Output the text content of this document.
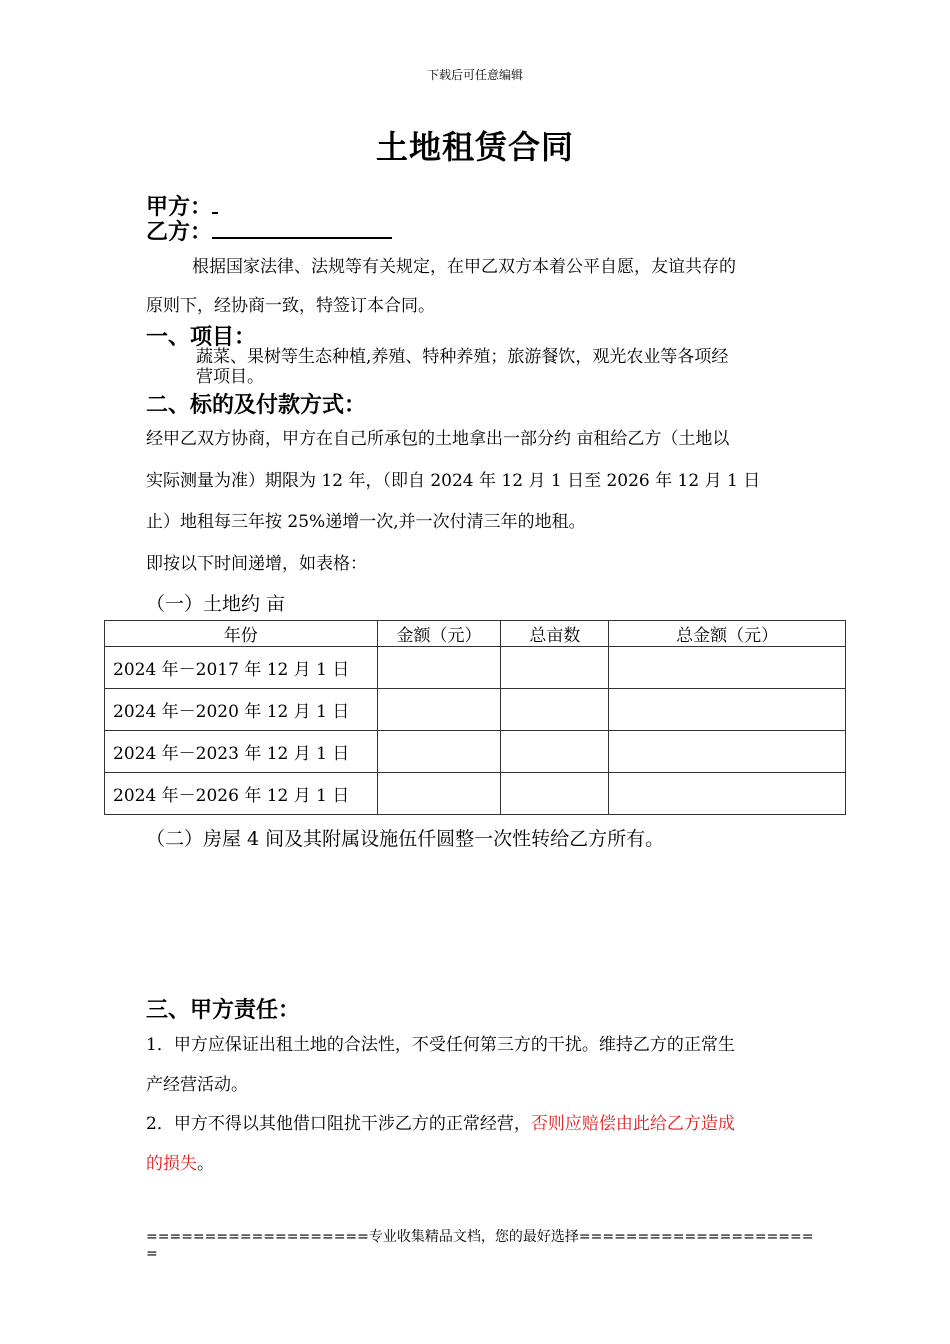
下载后可任意编辑

土地租赁合同
甲方：
乙方：

根据国家法律、法规等有关规定，在甲乙双方本着公平自愿，友谊共存的

原则下，经协商一致，特签订本合同。

一、项目：

蔬菜、果树等生态种植,养殖、特种养殖；旅游餐饮，观光农业等各项经

营项目。

二、标的及付款方式：

经甲乙双方协商，甲方在自己所承包的土地拿出一部分约 亩租给乙方（土地以

实际测量为准）期限为 12 年，（即自 2024 年 12 月 1 日至 2026 年 12 月 1 日

止）地租每三年按 25%递增一次,并一次付清三年的地租。

即按以下时间递增，如表格：

（一）土地约 亩

年份	金额（元）	总亩数	总金额（元）
2024 年－2017 年 12 月 1 日			
2024 年－2020 年 12 月 1 日			
2024 年－2023 年 12 月 1 日			
2024 年－2026 年 12 月 1 日			

（二）房屋 4 间及其附属设施伍仟圆整一次性转给乙方所有。

三、甲方责任：

1．甲方应保证出租土地的合法性，不受任何第三方的干扰。维持乙方的正常生

产经营活动。

2．甲方不得以其他借口阻扰干涉乙方的正常经营，否则应赔偿由此给乙方造成

的损失。

===================专业收集精品文档，您的最好选择====================

=
